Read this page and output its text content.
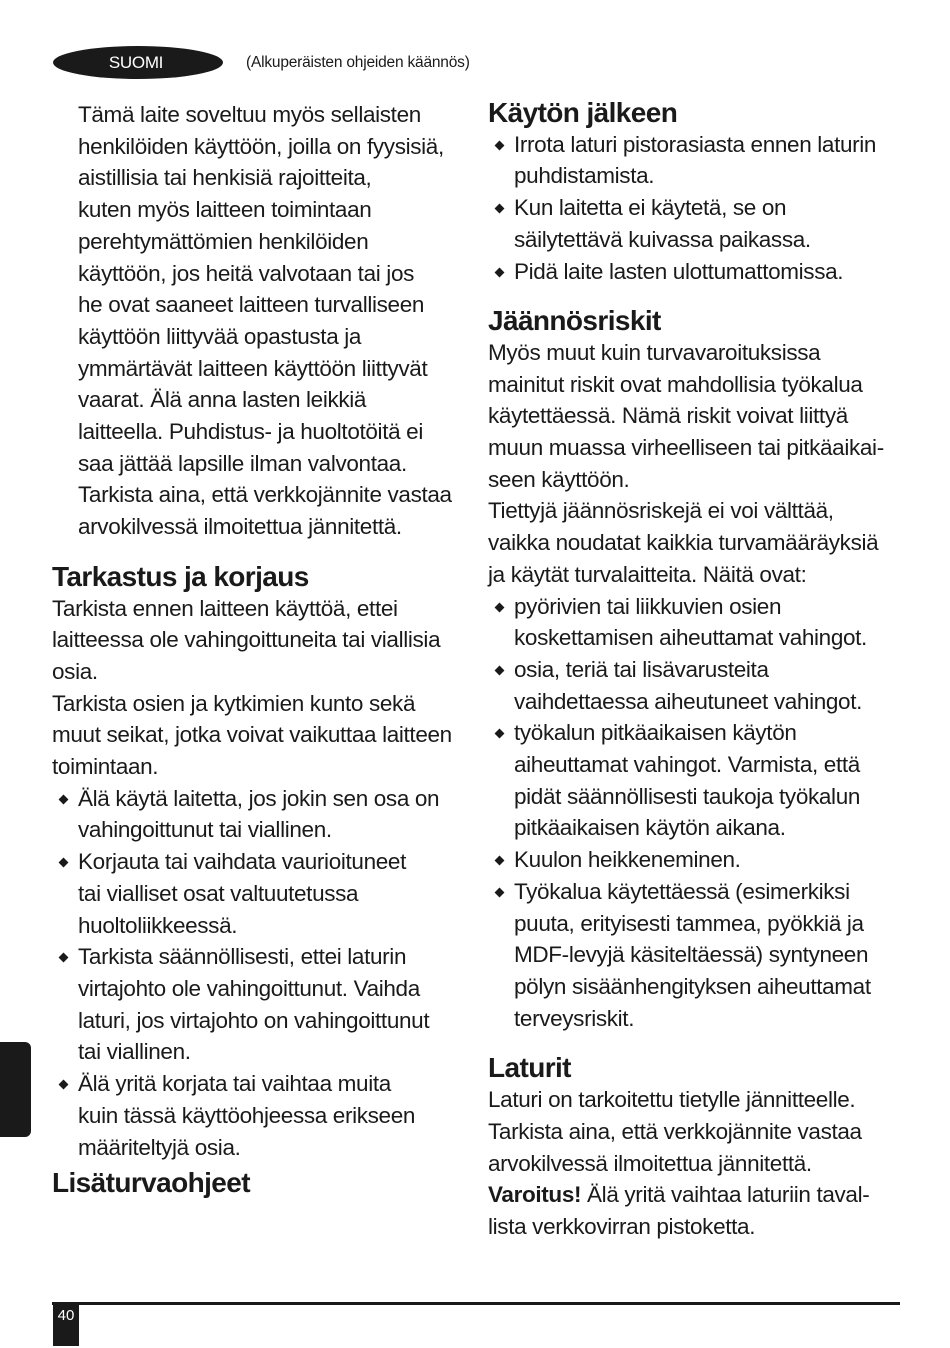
SUOMI	(Alkuperäisten ohjeiden käännös)

Tämä laite soveltuu myös sellaisten
henkilöiden käyttöön, joilla on fyysisiä,
aistillisia tai henkisiä rajoitteita,
kuten myös laitteen toimintaan
perehtymättömien henkilöiden
käyttöön, jos heitä valvotaan tai jos
he ovat saaneet laitteen turvalliseen
käyttöön liittyvää opastusta ja
ymmärtävät laitteen käyttöön liittyvät
vaarat. Älä anna lasten leikkiä
laitteella. Puhdistus- ja huoltotöitä ei
saa jättää lapsille ilman valvontaa.
Tarkista aina, että verkkojännite vastaa
arvokilvessä ilmoitettua jännitettä.

Tarkastus ja korjaus

Tarkista ennen laitteen käyttöä, ettei
laitteessa ole vahingoittuneita tai viallisia
osia.

Tarkista osien ja kytkimien kunto sekä
muut seikat, jotka voivat vaikuttaa laitteen
toimintaan.

Älä käytä laitetta, jos jokin sen osa on
vahingoittunut tai viallinen.
Korjauta tai vaihdata vaurioituneet
tai vialliset osat valtuutetussa
huoltoliikkeessä.
Tarkista säännöllisesti, ettei laturin
virtajohto ole vahingoittunut. Vaihda
laturi, jos virtajohto on vahingoittunut
tai viallinen.
Älä yritä korjata tai vaihtaa muita
kuin tässä käyttöohjeessa erikseen
määriteltyjä osia.
Lisäturvaohjeet
Käytön jälkeen
Irrota laturi pistorasiasta ennen laturin
puhdistamista.
Kun laitetta ei käytetä, se on
säilytettävä kuivassa paikassa.
Pidä laite lasten ulottumattomissa.
Jäännösriskit

Myös muut kuin turvavaroituksissa
mainitut riskit ovat mahdollisia työkalua
käytettäessä. Nämä riskit voivat liittyä
muun muassa virheelliseen tai pitkäaikai-
seen käyttöön.

Tiettyjä jäännösriskejä ei voi välttää,
vaikka noudatat kaikkia turvamääräyksiä
ja käytät turvalaitteita. Näitä ovat:

pyörivien tai liikkuvien osien
koskettamisen aiheuttamat vahingot.
osia, teriä tai lisävarusteita
vaihdettaessa aiheutuneet vahingot.
työkalun pitkäaikaisen käytön
aiheuttamat vahingot. Varmista, että
pidät säännöllisesti taukoja työkalun
pitkäaikaisen käytön aikana.
Kuulon heikkeneminen.
Työkalua käytettäessä (esimerkiksi
puuta, erityisesti tammea, pyökkiä ja
MDF-levyjä käsiteltäessä) syntyneen
pölyn sisäänhengityksen aiheuttamat
terveysriskit.
Laturit

Laturi on tarkoitettu tietylle jännitteelle.
Tarkista aina, että verkkojännite vastaa
arvokilvessä ilmoitettua jännitettä.
Varoitus! Älä yritä vaihtaa laturiin taval-
lista verkkovirran pistoketta.

40
